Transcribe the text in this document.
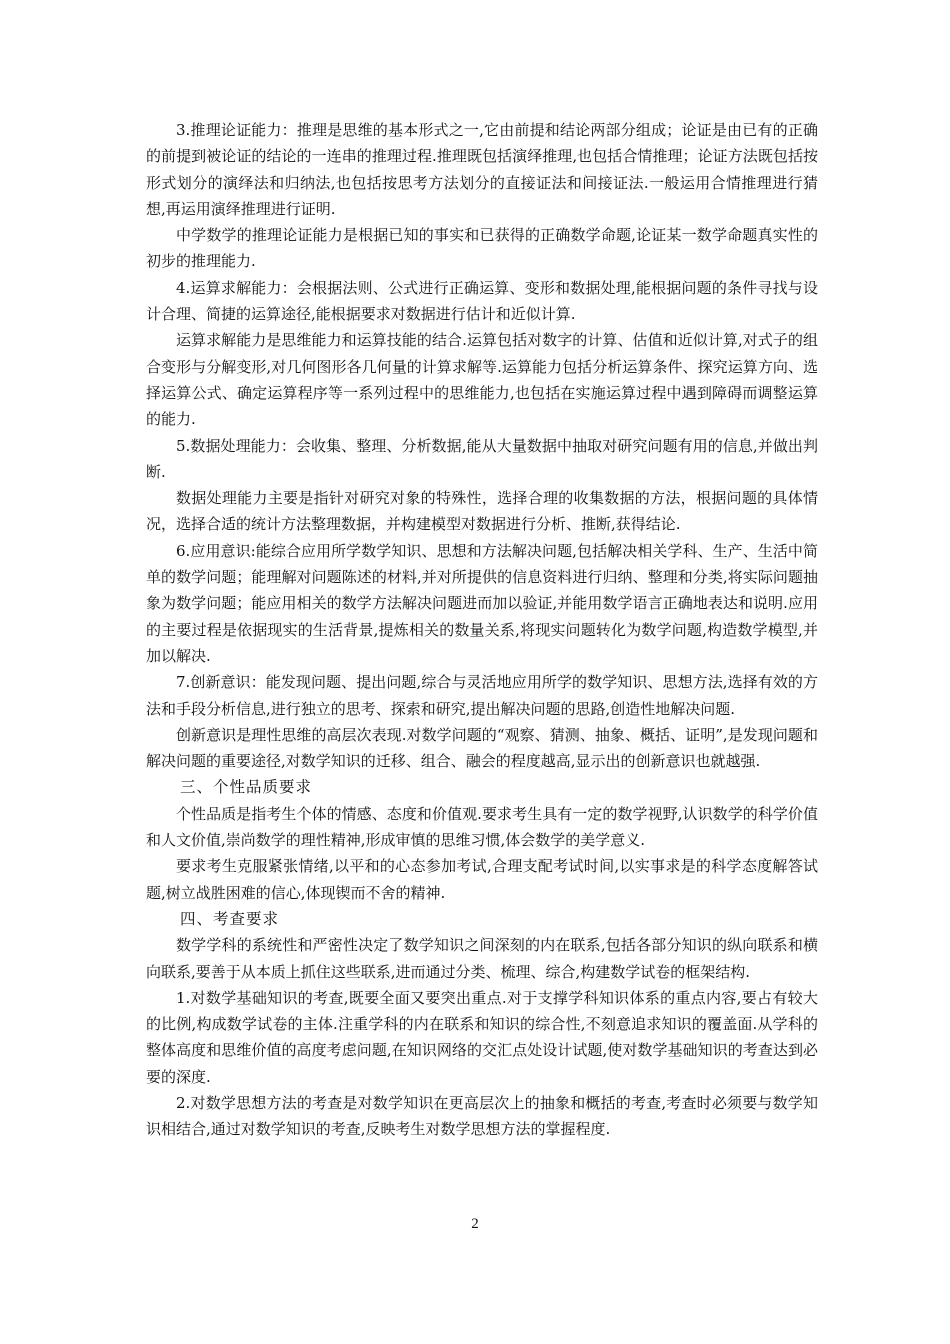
3.推理论证能力：推理是思维的基本形式之一,它由前提和结论两部分组成；论证是由已有的正确的前提到被论证的结论的一连串的推理过程.推理既包括演绎推理,也包括合情推理；论证方法既包括按形式划分的演绎法和归纳法,也包括按思考方法划分的直接证法和间接证法.一般运用合情推理进行猜想,再运用演绎推理进行证明.

中学数学的推理论证能力是根据已知的事实和已获得的正确数学命题,论证某一数学命题真实性的初步的推理能力.

4.运算求解能力：会根据法则、公式进行正确运算、变形和数据处理,能根据问题的条件寻找与设计合理、简捷的运算途径,能根据要求对数据进行估计和近似计算.

运算求解能力是思维能力和运算技能的结合.运算包括对数字的计算、估值和近似计算,对式子的组合变形与分解变形,对几何图形各几何量的计算求解等.运算能力包括分析运算条件、探究运算方向、选择运算公式、确定运算程序等一系列过程中的思维能力,也包括在实施运算过程中遇到障碍而调整运算的能力.

5.数据处理能力：会收集、整理、分析数据,能从大量数据中抽取对研究问题有用的信息,并做出判断.

数据处理能力主要是指针对研究对象的特殊性，选择合理的收集数据的方法，根据问题的具体情况，选择合适的统计方法整理数据，并构建模型对数据进行分析、推断,获得结论.

6.应用意识:能综合应用所学数学知识、思想和方法解决问题,包括解决相关学科、生产、生活中简单的数学问题；能理解对问题陈述的材料,并对所提供的信息资料进行归纳、整理和分类,将实际问题抽象为数学问题；能应用相关的数学方法解决问题进而加以验证,并能用数学语言正确地表达和说明.应用的主要过程是依据现实的生活背景,提炼相关的数量关系,将现实问题转化为数学问题,构造数学模型,并加以解决.

7.创新意识：能发现问题、提出问题,综合与灵活地应用所学的数学知识、思想方法,选择有效的方法和手段分析信息,进行独立的思考、探索和研究,提出解决问题的思路,创造性地解决问题.

创新意识是理性思维的高层次表现.对数学问题的“观察、猜测、抽象、概括、证明”,是发现问题和解决问题的重要途径,对数学知识的迁移、组合、融会的程度越高,显示出的创新意识也就越强.

三、个性品质要求

个性品质是指考生个体的情感、态度和价值观.要求考生具有一定的数学视野,认识数学的科学价值和人文价值,崇尚数学的理性精神,形成审慎的思维习惯,体会数学的美学意义.

要求考生克服紧张情绪,以平和的心态参加考试,合理支配考试时间,以实事求是的科学态度解答试题,树立战胜困难的信心,体现锲而不舍的精神.

四、考查要求

数学学科的系统性和严密性决定了数学知识之间深刻的内在联系,包括各部分知识的纵向联系和横向联系,要善于从本质上抓住这些联系,进而通过分类、梳理、综合,构建数学试卷的框架结构.

1.对数学基础知识的考查,既要全面又要突出重点.对于支撑学科知识体系的重点内容,要占有较大的比例,构成数学试卷的主体.注重学科的内在联系和知识的综合性,不刻意追求知识的覆盖面.从学科的整体高度和思维价值的高度考虑问题,在知识网络的交汇点处设计试题,使对数学基础知识的考查达到必要的深度.

2.对数学思想方法的考查是对数学知识在更高层次上的抽象和概括的考查,考查时必须要与数学知识相结合,通过对数学知识的考查,反映考生对数学思想方法的掌握程度.

2
